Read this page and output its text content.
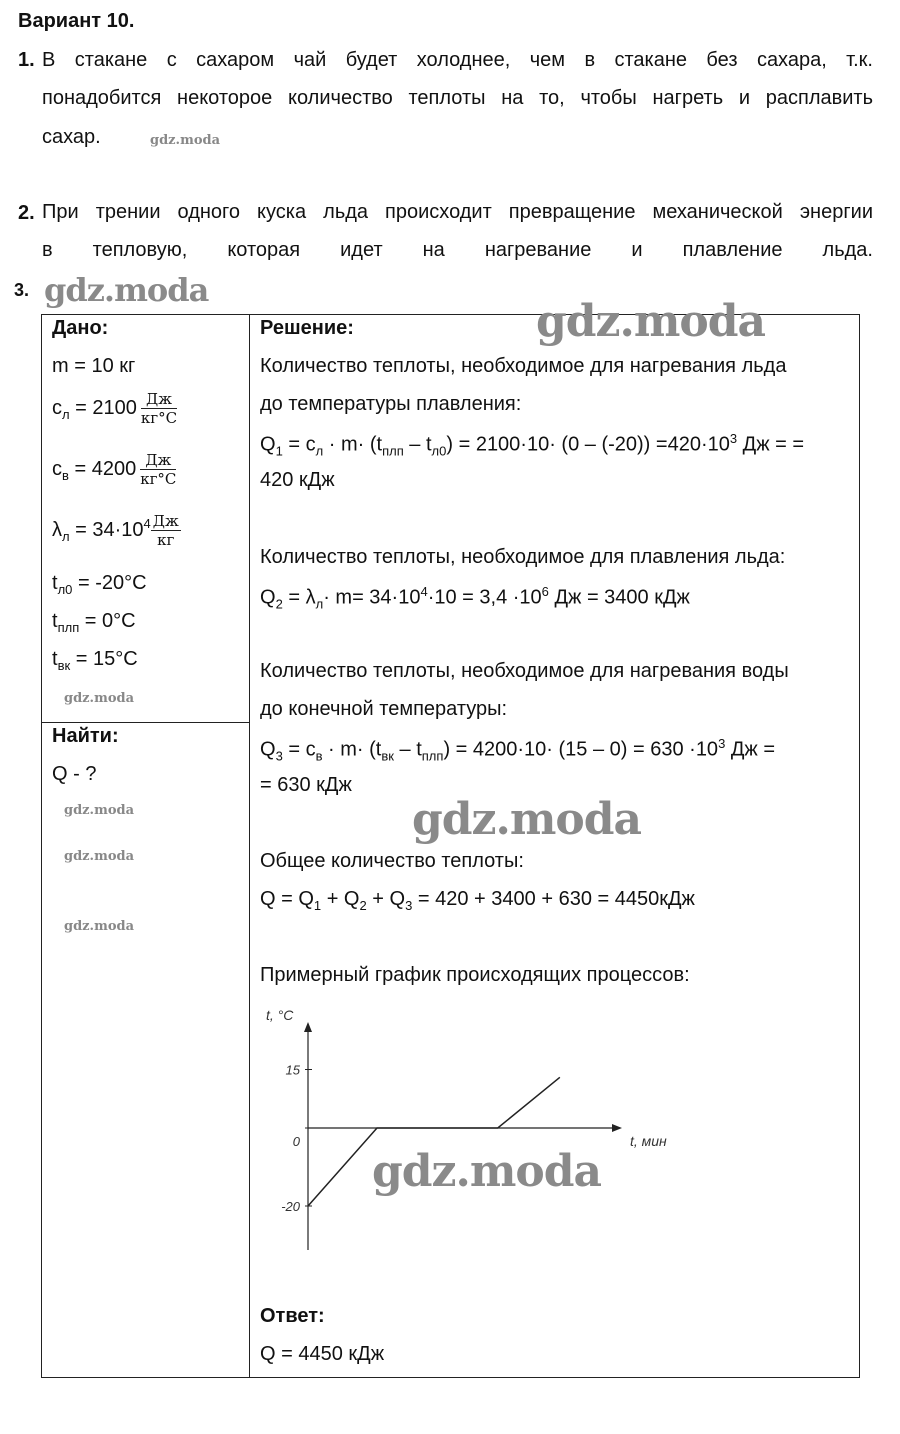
Вариант 10.
1. В стакане с сахаром чай будет холоднее, чем в стакане без сахара, т.к.
понадобится некоторое количество теплоты на то, чтобы нагреть и расплавить
сахар.
2. При трении одного куска льда происходит превращение механической энергии
в тепловую, которая идет на нагревание и плавление льда.
3.
gdz.moda
gdz.moda
Дано:
m = 10 кг
$c_л = 2100 \frac{Дж}{кг^\circ C}$
$c_в = 4200 \frac{Дж}{кг^\circ C}$
$\lambda_л = 34\cdot 10^4 \frac{Дж}{кг}$
$t_{л0} = -20^\circ C$
$t_{плп} = 0^\circ C$
$t_{вк} = 15^\circ C$
gdz.moda
Найти:
Q - ?
gdz.moda
gdz.moda
gdz.moda
Решение:	gdz.moda
Количество теплоты, необходимое для нагревания льда
до температуры плавления:
$Q_1 = c_л \cdot m\cdot (t_{плп} - t_{л0}) = 2100\cdot 10\cdot (0 - (-20)) =420\cdot 10^3$ Дж = =
420 кДж
Количество теплоты, необходимое для плавления льда:
$Q_2 = \lambda_л\cdot m= 34\cdot 10^4\cdot 10 = 3,4 \cdot 10^6$ Дж = 3400 кДж
Количество теплоты, необходимое для нагревания воды
до конечной температуры:
$Q_3 = c_в \cdot m\cdot (t_{вк} - t_{плп}) = 4200\cdot 10\cdot (15 - 0) = 630 \cdot 10^3$ Дж =
= 630 кДж
gdz.moda
Общее количество теплоты:
$Q = Q_1 + Q_2 + Q_3 = 420 + 3400 + 630 = 4450кДж$
Примерный график происходящих процессов:
t, °C
t, мин
15
0
-20
gdz.moda
Ответ:
Q = 4450 кДж
